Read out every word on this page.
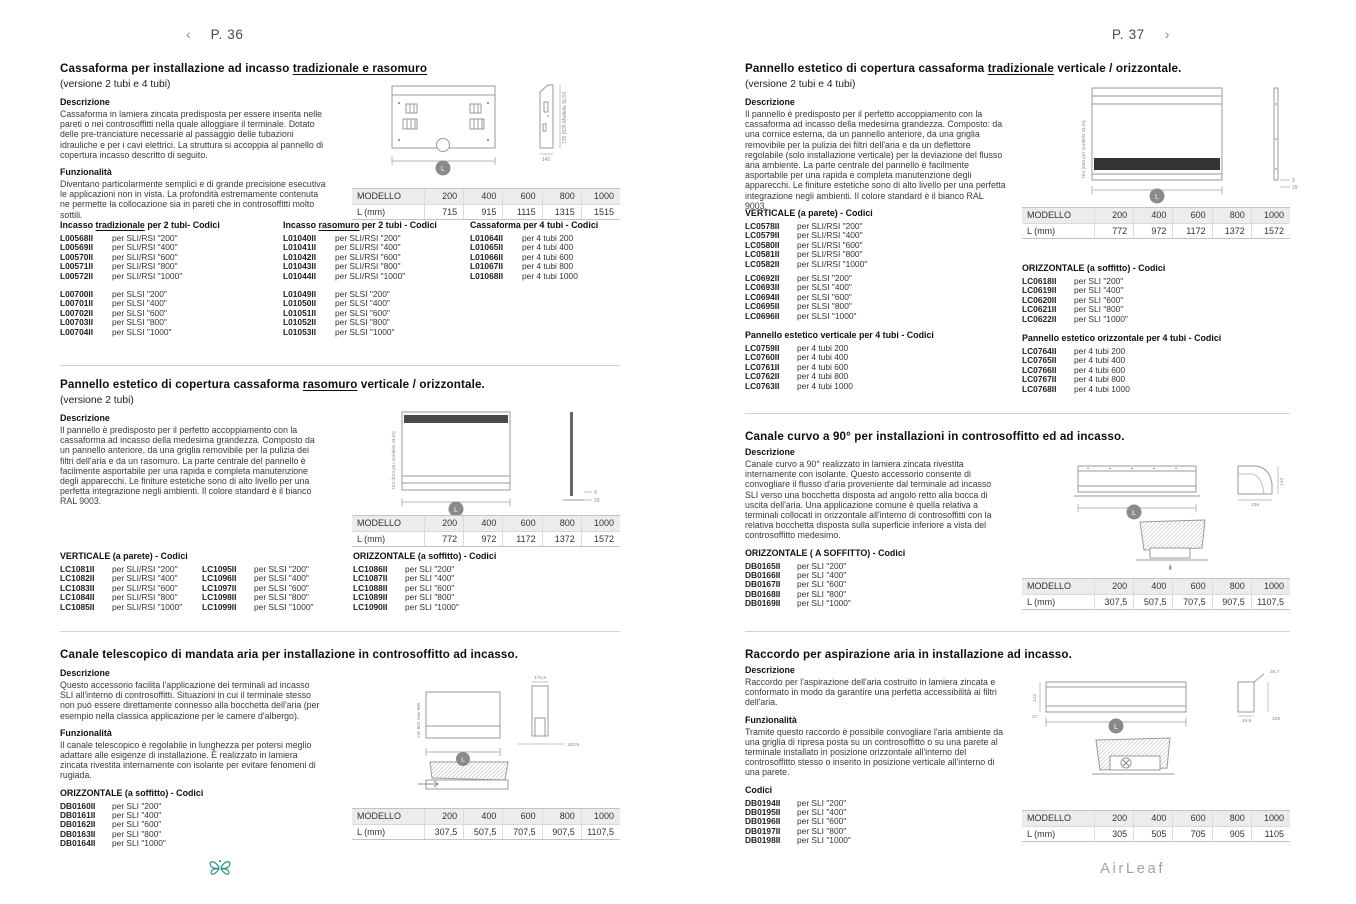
‹ P. 36	P. 37 ›
Cassaforma per installazione ad incasso tradizionale e rasomuro
(versione 2 tubi e 4 tubi)
Descrizione
Cassaforma in lamiera zincata predisposta per essere inserita nelle pareti o nei controsoffitti nella quale alloggiare il terminale. Dotato delle pre-tranciature necessarie al passaggio delle tubazioni idrauliche e per i cavi elettrici. La struttura si accoppia al pannello di copertura incasso descritto di seguito.
Funzionalità
Diventano particolarmente semplici e di grande precisione esecutiva le applicazioni non in vista. La profondità estremamente contenuta ne permette la collocazione sia in pareti che in controsoffitti molto sottili.
L
725 (535 Modello SLSI)
142
MODELLO	200	400	600	800	1000
L (mm)	715	915	1115	1315	1515
Incasso tradizionale per 2 tubi- Codici
L00568II	per SLI/RSI "200"
L00569II	per SLI/RSI "400"
L00570II	per SLI/RSI "600"
L00571II	per SLI/RSI "800"
L00572II	per SLI/RSI "1000"
L00700II	per SLSI "200"
L00701II	per SLSI "400"
L00702II	per SLSI "600"
L00703II	per SLSI "800"
L00704II	per SLSI "1000"
Incasso rasomuro per 2 tubi - Codici
L01040II	per SLI/RSI "200"
L01041II	per SLI/RSI "400"
L01042II	per SLI/RSI "600"
L01043II	per SLI/RSI "800"
L01044II	per SLI/RSI "1000"
L01049II	per SLSI "200"
L01050II	per SLSI "400"
L01051II	per SLSI "600"
L01052II	per SLSI "800"
L01053II	per SLSI "1000"
Cassaforma per 4 tubi - Codici
L01064II	per 4 tubi 200
L01065II	per 4 tubi 400
L01066II	per 4 tubi 600
L01067II	per 4 tubi 800
L01068II	per 4 tubi 1000
Pannello estetico di copertura cassaforma rasomuro verticale / orizzontale.
(versione 2 tubi)
Descrizione
Il pannello è predisposto per il perfetto accoppiamento con la cassaforma ad incasso della medesima grandezza. Composto da un pannello anteriore, da una griglia removibile per la pulizia dei filtri dell'aria e da un rasomuro. La parte centrale del pannello è facilmente asportabile per una rapida e completa manutenzione degli apparecchi. Le finiture estetiche sono di alto livello per una perfetta integrazione negli ambienti. Il colore standard è il bianco RAL 9003.
L
723 (523 per modello SLSI)
9
29
MODELLO	200	400	600	800	1000
L (mm)	772	972	1172	1372	1572
VERTICALE (a parete) - Codici
LC1081II	per SLI/RSI "200"
LC1082II	per SLI/RSI "400"
LC1083II	per SLI/RSI "600"
LC1084II	per SLI/RSI "800"
LC1085II	per SLI/RSI "1000"
LC1095II	per SLSI "200"
LC1096II	per SLSI "400"
LC1097II	per SLSI "600"
LC1098II	per SLSI "800"
LC1099II	per SLSI "1000"
ORIZZONTALE (a soffitto) - Codici
LC1086II	per SLI "200"
LC1087II	per SLI "400"
LC1088II	per SLI "600"
LC1089II	per SLI "800"
LC1090II	per SLI "1000"
Canale telescopico di mandata aria per installazione in controsoffitto ad incasso.
Descrizione
Questo accessorio facilita l'applicazione dei terminali ad incasso SLI all'interno di controsoffitti. Situazioni in cui il terminale stesso non può essere direttamente connesso alla bocchetta dell'aria (per esempio nella classica applicazione per le camere d'albergo).
Funzionalità
Il canale telescopico è regolabile in lunghezza per potersi meglio adattare alle esigenze di installazione. È realizzato in lamiera zincata rivestita internamente con isolante per evitare fenomeni di rugiada.
ORIZZONTALE (a soffitto) - Codici
DB0160II	per SLI "200"
DB0161II	per SLI "400"
DB0162II	per SLI "600"
DB0163II	per SLI "800"
DB0164II	per SLI "1000"
L
min 802 max 990
170,5
100,5
MODELLO	200	400	600	800	1000
L (mm)	307,5	507,5	707,5	907,5	1107,5
Pannello estetico di copertura cassaforma tradizionale verticale / orizzontale.
(versione 2 tubi e 4 tubi)
Descrizione
Il pannello è predisposto per il perfetto accoppiamento con la cassaforma ad incasso della medesima grandezza. Composto: da una cornice esterna, da un pannello anteriore, da una griglia removibile per la pulizia dei filtri dell'aria e da un deflettore regolabile (solo installazione verticale) per la deviazione del flusso aria ambiente. La parte centrale del pannello è facilmente asportabile per una rapida e completa manutenzione degli apparecchi. Le finiture estetiche sono di alto livello per una perfetta integrazione negli ambienti. Il colore standard è il bianco RAL 9003.
VERTICALE (a parete) - Codici
LC0578II	per SLI/RSI "200"
LC0579II	per SLI/RSI "400"
LC0580II	per SLI/RSI "600"
LC0581II	per SLI/RSI "800"
LC0582II	per SLI/RSI "1000"
LC0692II	per SLSI "200"
LC0693II	per SLSI "400"
LC0694II	per SLSI "600"
LC0695II	per SLSI "800"
LC0696II	per SLSI "1000"
Pannello estetico verticale per 4 tubi - Codici
LC0759II	per 4 tubi 200
LC0760II	per 4 tubi 400
LC0761II	per 4 tubi 600
LC0762II	per 4 tubi 800
LC0763II	per 4 tubi 1000
L
754 (553 per modello SLSI)
9
29
MODELLO	200	400	600	800	1000
L (mm)	772	972	1172	1372	1572
ORIZZONTALE (a soffitto) - Codici
LC0618II	per SLI "200"
LC0619II	per SLI "400"
LC0620II	per SLI "600"
LC0621II	per SLI "800"
LC0622II	per SLI "1000"
Pannello estetico orizzontale per 4 tubi - Codici
LC0764II	per 4 tubi 200
LC0765II	per 4 tubi 400
LC0766II	per 4 tubi 600
LC0767II	per 4 tubi 800
LC0768II	per 4 tubi 1000
Canale curvo a 90° per installazioni in controsoffitto ed ad incasso.
Descrizione
Canale curvo a 90° realizzato in lamiera zincata rivestita internamente con isolante. Questo accessorio consente di convogliare il flusso d'aria proveniente dal terminale ad incasso SLI verso una bocchetta disposta ad angolo retto alla bocca di uscita dell'aria. Una applicazione comune è quella relativa a terminali collocati in orizzontale all'interno di controsoffitti con la relativa bocchetta disposta sulla superficie inferiore a vista del controsoffitto medesimo.
ORIZZONTALE ( A SOFFITTO) - Codici
DB0165II	per SLI "200"
DB0166II	per SLI "400"
DB0167II	per SLI "600"
DB0168II	per SLI "800"
DB0169II	per SLI "1000"
L
136
144
MODELLO	200	400	600	800	1000
L (mm)	307,5	507,5	707,5	907,5	1107,5
Raccordo per aspirazione aria in installazione ad incasso.
Descrizione
Raccordo per l'aspirazione dell'aria costruito in lamiera zincata e conformato in modo da garantire una perfetta accessibilità ai filtri dell'aria.
Funzionalità
Tramite questo raccordo è possibile convogliare l'aria ambiente da una griglia di ripresa posta su un controsoffitto o su una parete al terminale installato in posizione orizzontale all'interno del controsoffitto stesso o inserito in posizione verticale all'interno di una parete.
Codici
DB0194II	per SLI "200"
DB0195II	per SLI "400"
DB0196II	per SLI "600"
DB0197II	per SLI "800"
DB0198II	per SLI "1000"
L
143
27
26,7
19,5	108
MODELLO	200	400	600	800	1000
L (mm)	305	505	705	905	1105
AirLeaf
